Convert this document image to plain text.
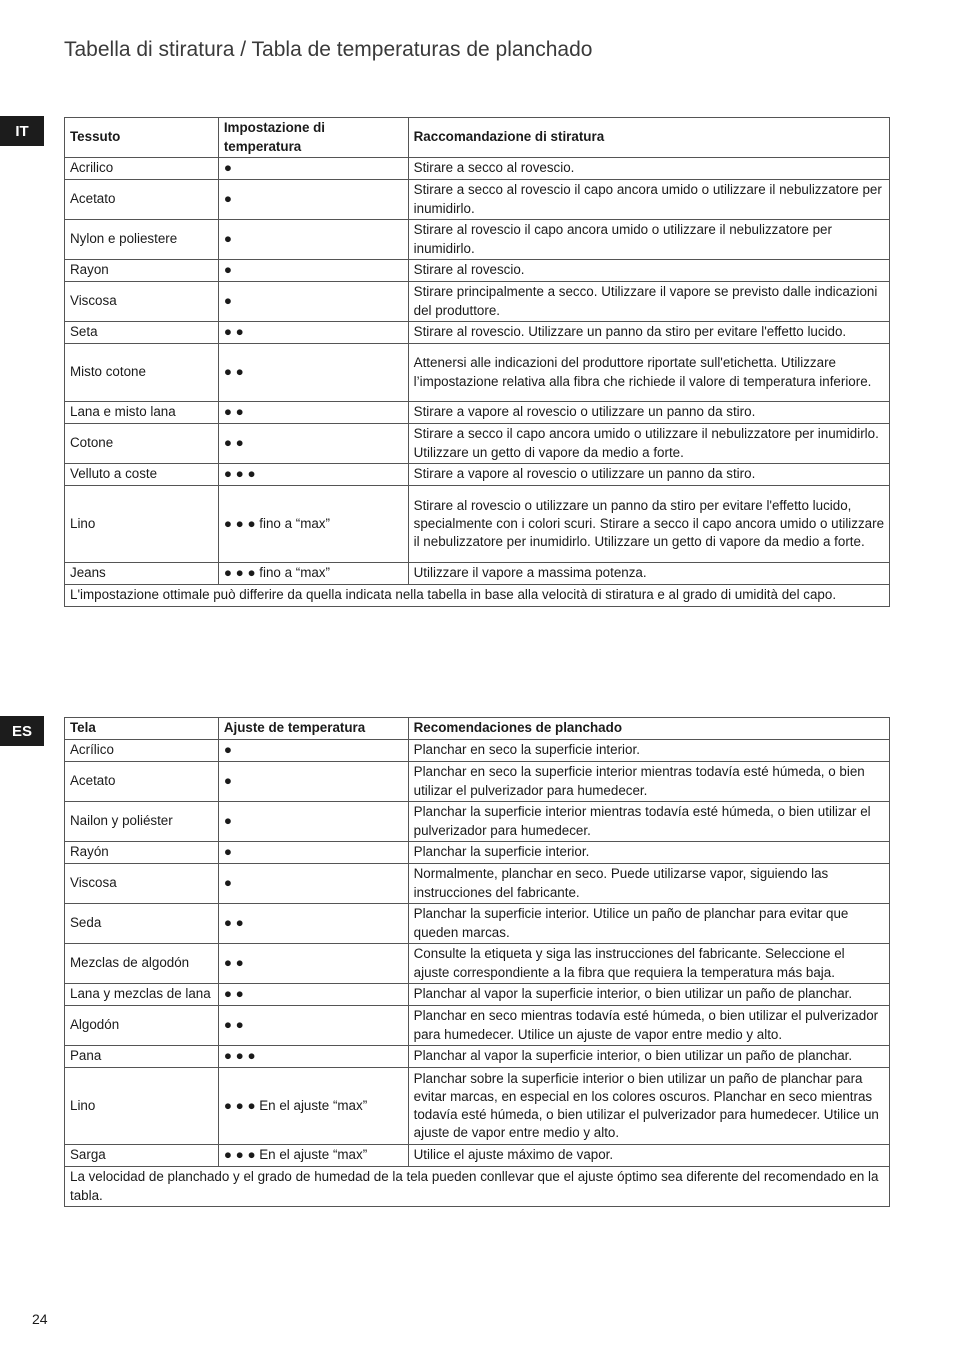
Tabella di stiratura / Tabla de temperaturas de planchado
IT	Tessuto	Impostazione di temperatura	Raccomandazione di stiratura
Acrilico	●	Stirare a secco al rovescio.
Acetato	●	Stirare a secco al rovescio il capo ancora umido o utilizzare il nebulizzatore per inumidirlo.
Nylon e poliestere	●	Stirare al rovescio il capo ancora umido o utilizzare il nebulizzatore per inumidirlo.
Rayon	●	Stirare al rovescio.
Viscosa	●	Stirare principalmente a secco. Utilizzare il vapore se previsto dalle indicazioni del produttore.
Seta	● ●	Stirare al rovescio. Utilizzare un panno da stiro per evitare l'effetto lucido.
Misto cotone	● ●	Attenersi alle indicazioni del produttore riportate sull'etichetta. Utilizzare l’impostazione relativa alla fibra che richiede il valore di temperatura inferiore.
Lana e misto lana	● ●	Stirare a vapore al rovescio o utilizzare un panno da stiro.
Cotone	● ●	Stirare a secco il capo ancora umido o utilizzare il nebulizzatore per inumidirlo. Utilizzare un getto di vapore da medio a forte.
Velluto a coste	● ● ●	Stirare a vapore al rovescio o utilizzare un panno da stiro.
Lino	● ● ● fino a “max”	Stirare al rovescio o utilizzare un panno da stiro per evitare l'effetto lucido, specialmente con i colori scuri. Stirare a secco il capo ancora umido o utilizzare il nebulizzatore per inumidirlo. Utilizzare un getto di vapore da medio a forte.
Jeans	● ● ● fino a “max”	Utilizzare il vapore a massima potenza.
L'impostazione ottimale può differire da quella indicata nella tabella in base alla velocità di stiratura e al grado di umidità del capo.		
ES	Tela	Ajuste de temperatura	Recomendaciones de planchado
Acrílico	●	Planchar en seco la superficie interior.
Acetato	●	Planchar en seco la superficie interior mientras todavía esté húmeda, o bien utilizar el pulverizador para humedecer.
Nailon y poliéster	●	Planchar la superficie interior mientras todavía esté húmeda, o bien utilizar el pulverizador para humedecer.
Rayón	●	Planchar la superficie interior.
Viscosa	●	Normalmente, planchar en seco. Puede utilizarse vapor, siguiendo las instrucciones del fabricante.
Seda	● ●	Planchar la superficie interior. Utilice un paño de planchar para evitar que queden marcas.
Mezclas de algodón	● ●	Consulte la etiqueta y siga las instrucciones del fabricante. Seleccione el ajuste correspondiente a la fibra que requiera la temperatura más baja.
Lana y mezclas de lana	● ●	Planchar al vapor la superficie interior, o bien utilizar un paño de planchar.
Algodón	● ●	Planchar en seco mientras todavía esté húmeda, o bien utilizar el pulverizador para humedecer. Utilice un ajuste de vapor entre medio y alto.
Pana	● ● ●	Planchar al vapor la superficie interior, o bien utilizar un paño de planchar.
Lino	● ● ● En el ajuste “max”	Planchar sobre la superficie interior o bien utilizar un paño de planchar para evitar marcas, en especial en los colores oscuros. Planchar en seco mientras todavía esté húmeda, o bien utilizar el pulverizador para humedecer. Utilice un ajuste de vapor entre medio y alto.
Sarga	● ● ● En el ajuste “max”	Utilice el ajuste máximo de vapor.
La velocidad de planchado y el grado de humedad de la tela pueden conllevar que el ajuste óptimo sea diferente del recomendado en la tabla.		
24
